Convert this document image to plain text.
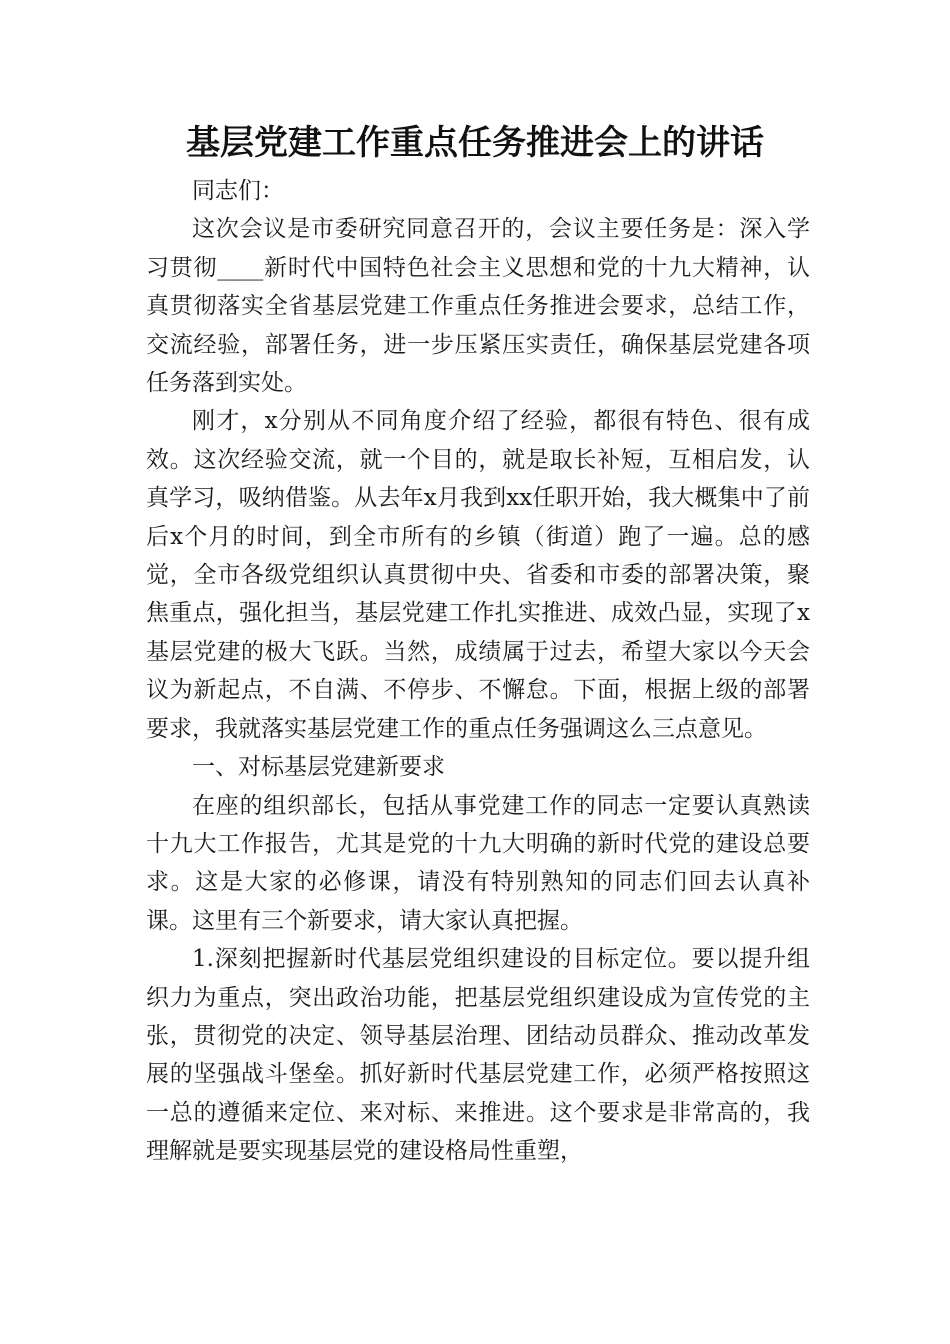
基层党建工作重点任务推进会上的讲话

同志们：

这次会议是市委研究同意召开的，会议主要任务是：深入学习贯彻____新时代中国特色社会主义思想和党的十九大精神，认真贯彻落实全省基层党建工作重点任务推进会要求，总结工作，交流经验，部署任务，进一步压紧压实责任，确保基层党建各项任务落到实处。

刚才，x分别从不同角度介绍了经验，都很有特色、很有成效。这次经验交流，就一个目的，就是取长补短，互相启发，认真学习，吸纳借鉴。从去年x月我到xx任职开始，我大概集中了前后x个月的时间，到全市所有的乡镇（街道）跑了一遍。总的感觉，全市各级党组织认真贯彻中央、省委和市委的部署决策，聚焦重点，强化担当，基层党建工作扎实推进、成效凸显，实现了x基层党建的极大飞跃。当然，成绩属于过去，希望大家以今天会议为新起点，不自满、不停步、不懈怠。下面，根据上级的部署要求，我就落实基层党建工作的重点任务强调这么三点意见。

一、对标基层党建新要求

在座的组织部长，包括从事党建工作的同志一定要认真熟读十九大工作报告，尤其是党的十九大明确的新时代党的建设总要求。这是大家的必修课，请没有特别熟知的同志们回去认真补课。这里有三个新要求，请大家认真把握。

1.深刻把握新时代基层党组织建设的目标定位。要以提升组织力为重点，突出政治功能，把基层党组织建设成为宣传党的主张，贯彻党的决定、领导基层治理、团结动员群众、推动改革发展的坚强战斗堡垒。抓好新时代基层党建工作，必须严格按照这一总的遵循来定位、来对标、来推进。这个要求是非常高的，我理解就是要实现基层党的建设格局性重塑，
